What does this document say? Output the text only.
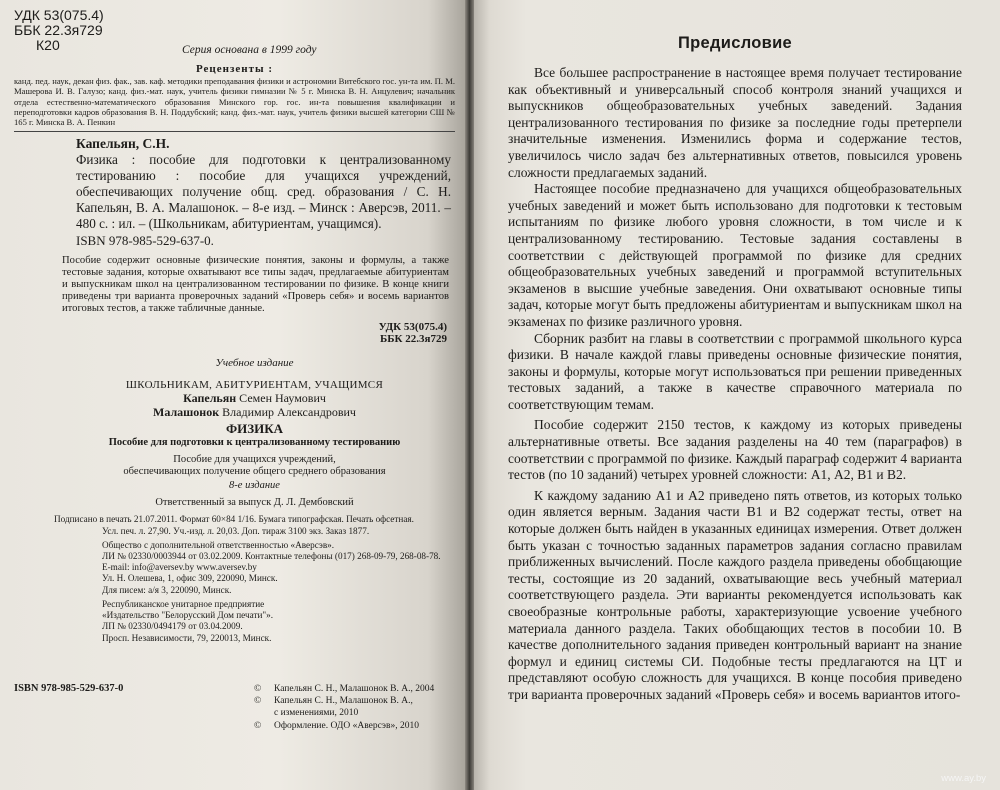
УДК 53(075.4)
ББК 22.3я729
К20	Серия основана в 1999 году
Рецензенты :

канд. пед. наук, декан физ. фак., зав. каф. методики преподавания физики и астрономии Витебского гос. ун-та им. П. М. Машерова И. В. Галузо; канд. физ.-мат. наук, учитель физики гимназии № 5 г. Минска В. Н. Анцулевич; начальник отдела естественно-математического образования Минского гор. гос. ин-та повышения квалификации и переподготовки кадров образования В. Н. Поддубский; канд. физ.-мат. наук, учитель физики высшей категории СШ № 165 г. Минска В. А. Пенкин

Капельян, С.Н.

Физика : пособие для подготовки к централизованному тестированию : пособие для учащихся учреждений, обеспечивающих получение общ. сред. образования / С. Н. Капельян, В. А. Малашонок. – 8-е изд. – Минск : Аверсэв, 2011. – 480 с. : ил. – (Школьникам, абитуриентам, учащимся).

ISBN 978-985-529-637-0.

Пособие содержит основные физические понятия, законы и формулы, а также тестовые задания, которые охватывают все типы задач, предлагаемые абитуриентам и выпускникам школ на централизованном тестировании по физике. В конце книги приведены три варианта проверочных заданий «Проверь себя» и восемь вариантов итоговых тестов, а также табличные данные.

УДК 53(075.4)
ББК 22.3я729
Учебное издание
ШКОЛЬНИКАМ, АБИТУРИЕНТАМ, УЧАЩИМСЯ
Капельян Семен Наумович
Малашонок Владимир Александрович
ФИЗИКА
Пособие для подготовки к централизованному тестированию
Пособие для учащихся учреждений,
обеспечивающих получение общего среднего образования
8-е издание
Ответственный за выпуск Д. Л. Дембовский
Подписано в печать 21.07.2011. Формат 60×84 1/16. Бумага типографская. Печать офсетная.
Усл. печ. л. 27,90. Уч.-изд. л. 20,03. Доп. тираж 3100 экз. Заказ 1877.
Общество с дополнительной ответственностью «Аверсэв».
ЛИ № 02330/0003944 от 03.02.2009. Контактные телефоны (017) 268-09-79, 268-08-78.
E-mail: info@aversev.by www.aversev.by
Ул. Н. Олешева, 1, офис 309, 220090, Минск.
Для писем: а/я 3, 220090, Минск.
Республиканское унитарное предприятие
«Издательство "Белорусский Дом печати"».
ЛП № 02330/0494179 от 03.04.2009.
Просп. Независимости, 79, 220013, Минск.
ISBN 978-985-529-637-0	© Капельян С. Н., Малашонок В. А., 2004
© Капельян С. Н., Малашонок В. А.,
с изменениями, 2010
© Оформление. ОДО «Аверсэв», 2010
Предисловие

Все большее распространение в настоящее время получает тестирование как объективный и универсальный способ контроля знаний учащихся и выпускников общеобразовательных учебных заведений. Задания централизованного тестирования по физике за последние годы претерпели значительные изменения. Изменились форма и содержание тестов, увеличилось число задач без альтернативных ответов, повысился уровень сложности предлагаемых заданий.

Настоящее пособие предназначено для учащихся общеобразовательных учебных заведений и может быть использовано для подготовки к тестовым испытаниям по физике любого уровня сложности, в том числе и к централизованному тестированию. Тестовые задания составлены в соответствии с действующей программой по физике для средних общеобразовательных учебных заведений и программой вступительных экзаменов в высшие учебные заведения. Они охватывают основные типы задач, которые могут быть предложены абитуриентам и выпускникам школ на экзаменах по физике различного уровня.

Сборник разбит на главы в соответствии с программой школьного курса физики. В начале каждой главы приведены основные физические понятия, законы и формулы, которые могут использоваться при решении приведенных тестовых заданий, а также в качестве справочного материала по соответствующим темам.

Пособие содержит 2150 тестов, к каждому из которых приведены альтернативные ответы. Все задания разделены на 40 тем (параграфов) в соответствии с программой по физике. Каждый параграф содержит 4 варианта тестов (по 10 заданий) четырех уровней сложности: А1, А2, В1 и В2.

К каждому заданию А1 и А2 приведено пять ответов, из которых только один является верным. Задания части В1 и В2 содержат тесты, ответ на которые должен быть найден в указанных единицах измерения. Ответ должен быть указан с точностью заданных параметров задания согласно правилам приближенных вычислений. После каждого раздела приведены обобщающие тесты, состоящие из 20 заданий, охватывающие весь учебный материал соответствующего раздела. Эти варианты рекомендуется использовать как своеобразные контрольные работы, характеризующие усвоение учебного материала данного раздела. Таких обобщающих тестов в пособии 10. В качестве дополнительного задания приведен контрольный вариант на знание формул и единиц системы СИ. Подобные тесты предлагаются на ЦТ и представляют особую сложность для учащихся. В конце пособия приведено три варианта проверочных заданий «Проверь себя» и восемь вариантов итого-

www.ay.by
